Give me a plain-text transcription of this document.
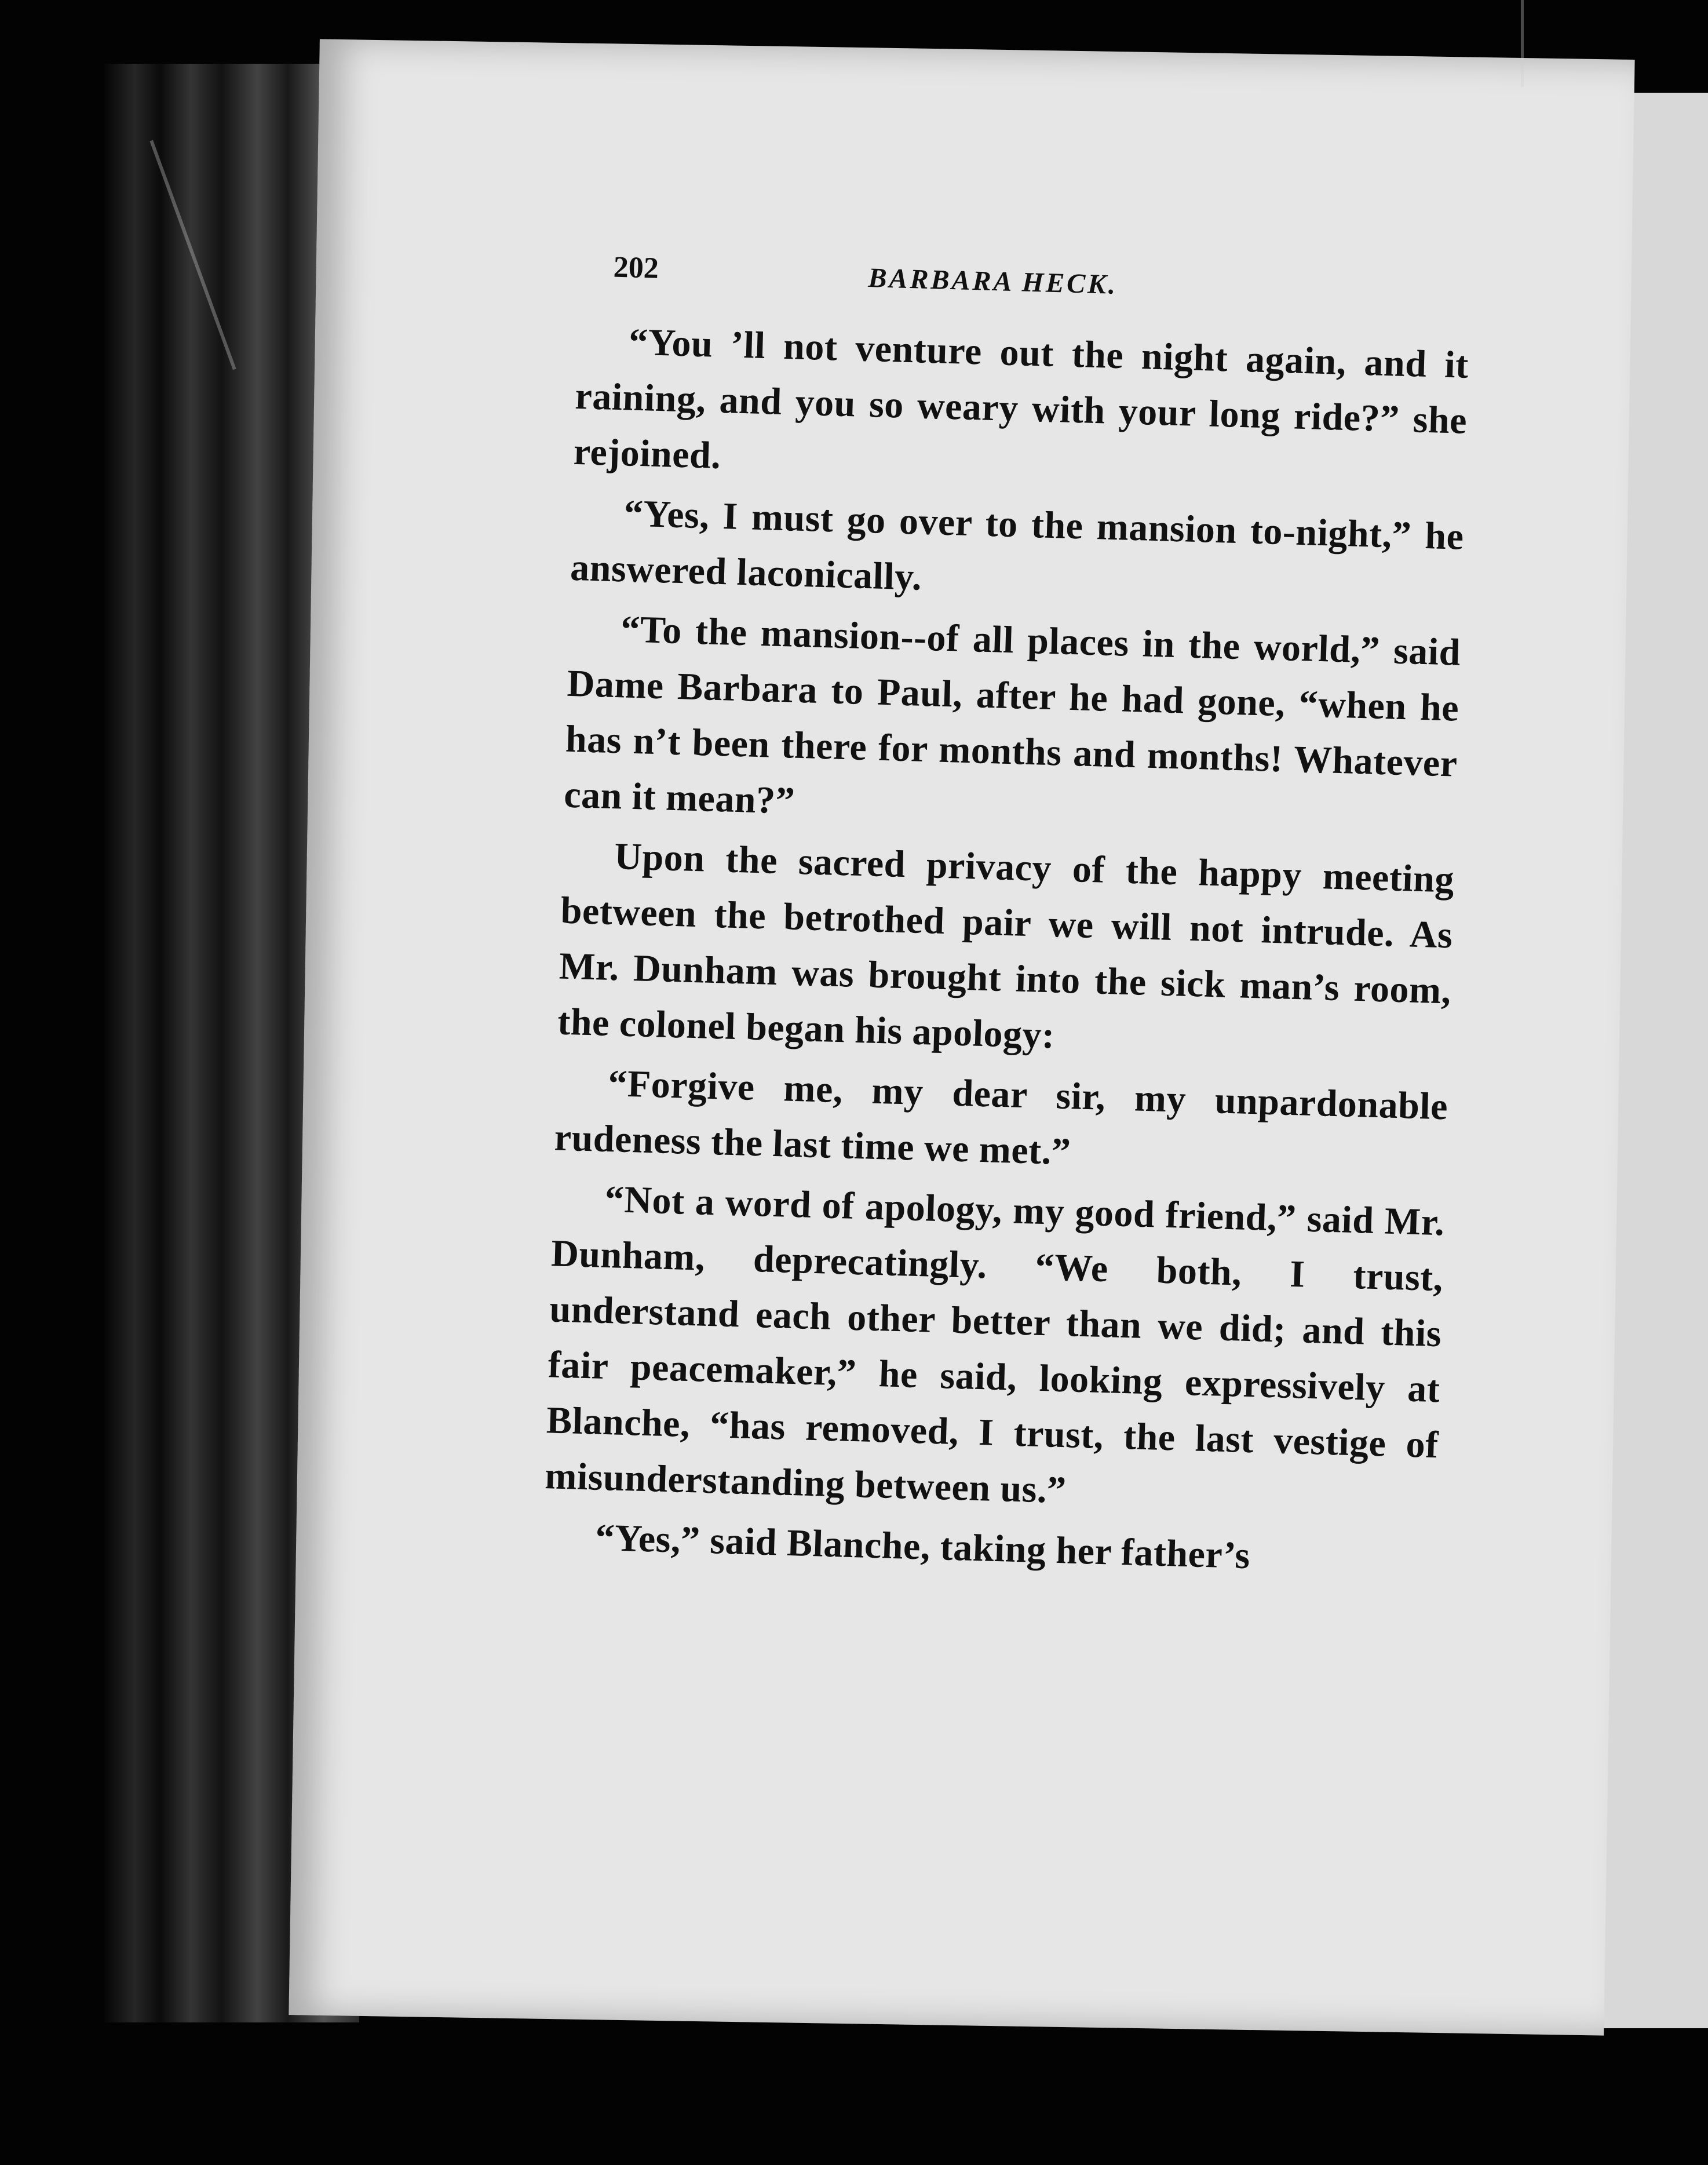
202	BARBARA HECK.

“You ’ll not venture out the night again, and it raining, and you so weary with your long ride?” she rejoined.

“Yes, I must go over to the mansion to-night,” he answered laconically.

“To the mansion--of all places in the world,” said Dame Barbara to Paul, after he had gone, “when he has n’t been there for months and months! Whatever can it mean?”

Upon the sacred privacy of the happy meeting between the betrothed pair we will not intrude. As Mr. Dunham was brought into the sick man’s room, the colonel began his apology:

“Forgive me, my dear sir, my unpardonable rudeness the last time we met.”

“Not a word of apology, my good friend,” said Mr. Dunham, deprecatingly. “We both, I trust, understand each other better than we did; and this fair peacemaker,” he said, looking expressively at Blanche, “has removed, I trust, the last vestige of misunderstanding between us.”

“Yes,” said Blanche, taking her father’s
